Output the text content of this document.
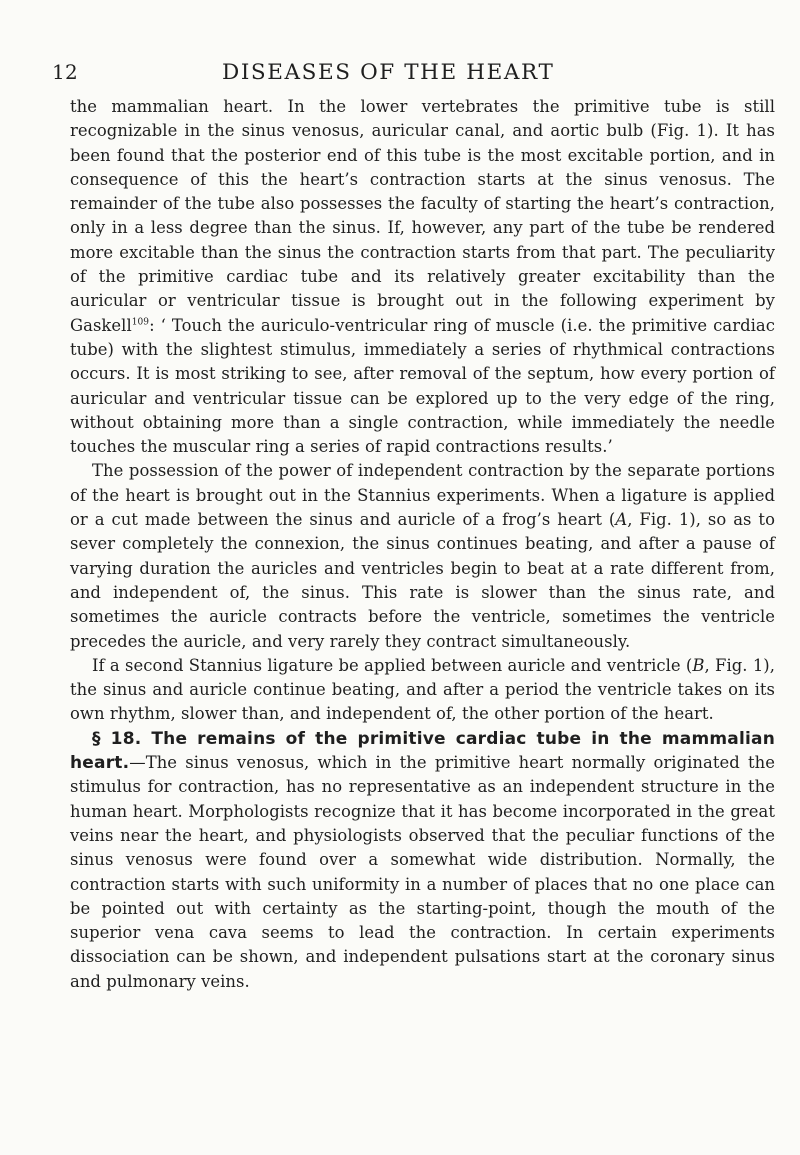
12	DISEASES OF THE HEART

the mammalian heart. In the lower vertebrates the primitive tube is still recognizable in the sinus venosus, auricular canal, and aortic bulb (Fig. 1). It has been found that the posterior end of this tube is the most excitable portion, and in consequence of this the heart’s contraction starts at the sinus venosus. The remainder of the tube also possesses the faculty of starting the heart’s contraction, only in a less degree than the sinus. If, however, any part of the tube be rendered more excitable than the sinus the contraction starts from that part. The peculiarity of the primitive cardiac tube and its relatively greater excitability than the auricular or ventricular tissue is brought out in the following experiment by Gaskell$^{109}$: ‘ Touch the auriculo-ventricular ring of muscle (i.e. the primitive cardiac tube) with the slightest stimulus, immediately a series of rhythmical contractions occurs. It is most striking to see, after removal of the septum, how every portion of auricular and ventricular tissue can be explored up to the very edge of the ring, without obtaining more than a single contraction, while immediately the needle touches the muscular ring a series of rapid contractions results.’

The possession of the power of independent contraction by the separate portions of the heart is brought out in the Stannius experiments. When a ligature is applied or a cut made between the sinus and auricle of a frog’s heart (A, Fig. 1), so as to sever completely the connexion, the sinus continues beating, and after a pause of varying duration the auricles and ventricles begin to beat at a rate different from, and independent of, the sinus. This rate is slower than the sinus rate, and sometimes the auricle contracts before the ventricle, sometimes the ventricle precedes the auricle, and very rarely they contract simultaneously.

If a second Stannius ligature be applied between auricle and ventricle (B, Fig. 1), the sinus and auricle continue beating, and after a period the ventricle takes on its own rhythm, slower than, and independent of, the other portion of the heart.

§ 18. The remains of the primitive cardiac tube in the mammalian heart.—The sinus venosus, which in the primitive heart normally originated the stimulus for contraction, has no representative as an independent structure in the human heart. Morphologists recognize that it has become incorporated in the great veins near the heart, and physiologists observed that the peculiar functions of the sinus venosus were found over a somewhat wide distribution. Normally, the contraction starts with such uniformity in a number of places that no one place can be pointed out with certainty as the starting-point, though the mouth of the superior vena cava seems to lead the contraction. In certain experiments dissociation can be shown, and independent pulsations start at the coronary sinus and pulmonary veins.
